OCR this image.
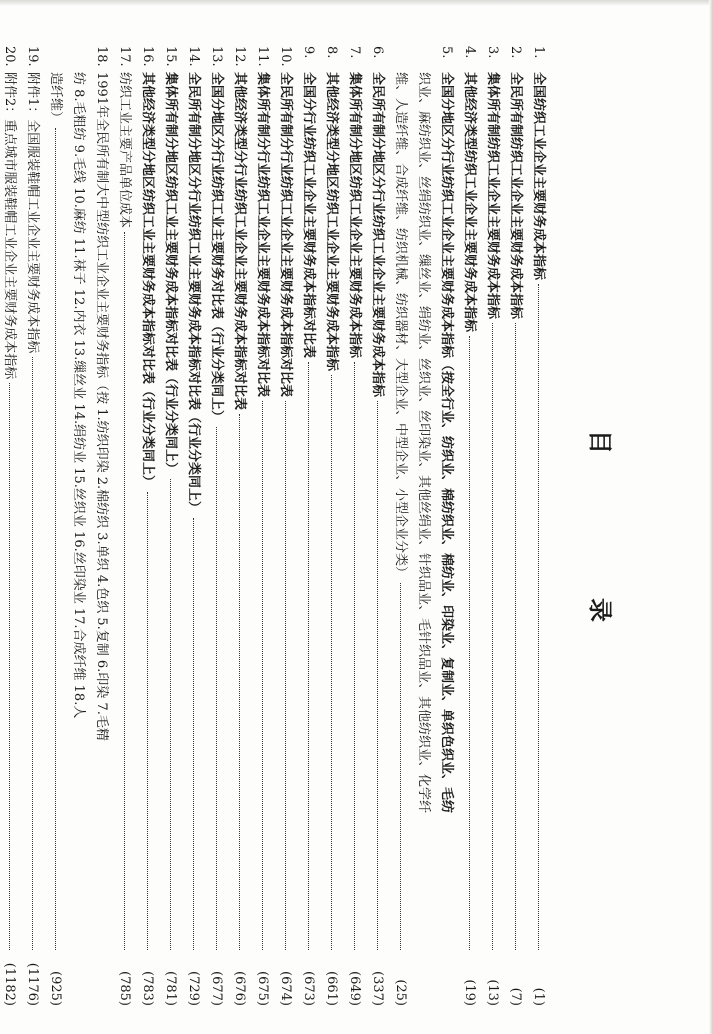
目　录
1.
全国纺织工业企业主要财务成本指标
(1)
2.
全民所有制纺织工业企业主要财务成本指标
(7)
3.
集体所有制纺织工业企业主要财务成本指标
(13)
4.
其他经济类型纺织工业企业主要财务成本指标
(19)
5.
全国分地区分行业纺织工业企业主要财务成本指标（按全行业、纺织业、棉纺织业、棉纺业、印染业、复制业、单织色织业、毛纺
织业、麻纺织业、丝绢纺织业、缫丝业、绢纺业、丝织业、丝印染业、其他丝绢业、针织品业、毛针织品业、其他纺织业、化学纤
维、人造纤维、合成纤维、纺织机械、纺织器材、大型企业、中型企业、小型企业分类）
(25)
6.
全民所有制分地区分行业纺织工业企业主要财务成本指标
(337)
7.
集体所有制分地区纺织工业企业主要财务成本指标
(649)
8.
其他经济类型分地区纺织工业企业主要财务成本指标
(661)
9.
全国分行业纺织工业企业主要财务成本指标对比表
(673)
10.
全民所有制分行业纺织工业企业主要财务成本指标对比表
(674)
11.
集体所有制分行业纺织工业企业主要财务成本指标对比表
(675)
12.
其他经济类型分行业纺织工业企业主要财务成本指标对比表
(676)
13.
全国分地区分行业纺织工业主要财务对比表（行业分类同上）
(677)
14.
全民所有制分地区分行业纺织工业主要财务成本指标对比表（行业分类同上）
(729)
15.
集体所有制分地区纺织工业主要财务成本指标对比表（行业分类同上）
(781)
16.
其他经济类型分地区纺织工业主要财务成本指标对比表（行业分类同上）
(783)
17.
纺织工业主要产品单位成本
(785)
18.
1991年全民所有制大中型纺织工业企业主要财务指标（按 1.纺织印染 2.棉纺织 3.单织 4.色织 5.复制 6.印染 7.毛精
纺 8.毛粗纺 9.毛线 10.麻纺 11.袜子 12.内衣 13.缫丝业 14.绢纺业 15.丝织业 16.丝印染业 17.合成纤维 18.人
造纤维）
(925)
19.
附件1：全国服装鞋帽工业企业主要财务成本指标
(1176)
20.
附件2：重点城市服装鞋帽工业企业主要财务成本指标
(1182)
